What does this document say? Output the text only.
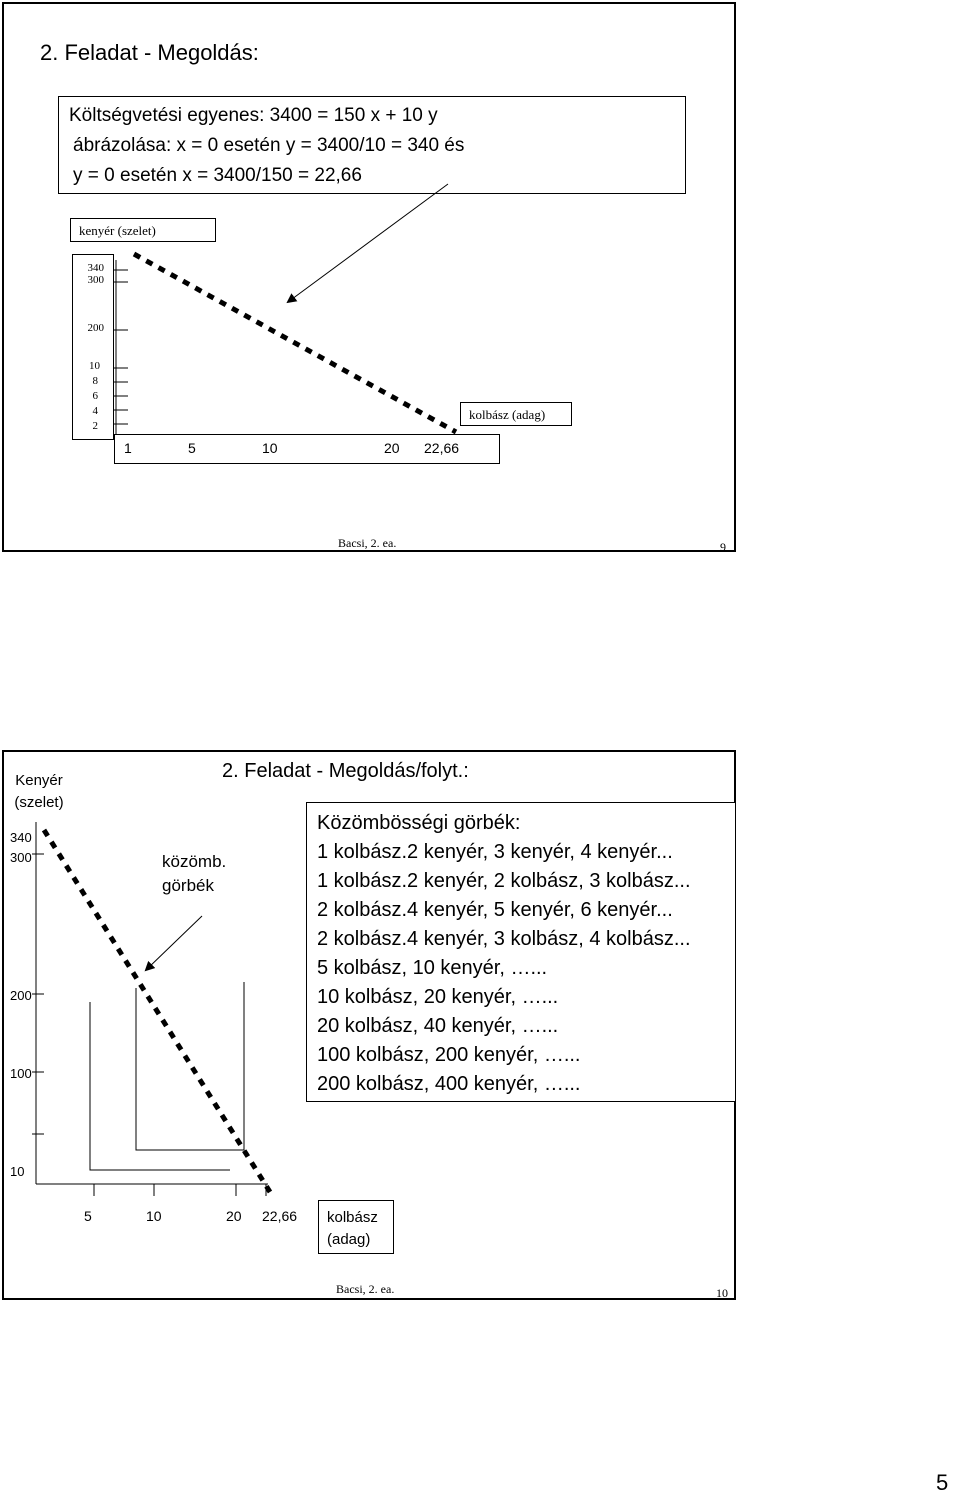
2. Feladat - Megoldás:
Költségvetési egyenes: 3400 = 150 x + 10 y
ábrázolása: x = 0 esetén y = 3400/10 = 340 és
y = 0 esetén x = 3400/150 = 22,66
kenyér (szelet)
340
300
200
10
8
6
4
2
1	5	10	20 22,66
kolbász (adag)
Bacsi, 2. ea.	9
Kenyér
(szelet)
2. Feladat - Megoldás/folyt.:
közömb.
görbék
Közömbösségi görbék:
1 kolbász.2 kenyér, 3 kenyér, 4 kenyér...
1 kolbász.2 kenyér, 2 kolbász, 3 kolbász...
2 kolbász.4 kenyér, 5 kenyér, 6 kenyér...
2 kolbász.4 kenyér, 3 kolbász, 4 kolbász...
5 kolbász, 10 kenyér, …...
10 kolbász, 20 kenyér, …...
20 kolbász, 40 kenyér, …...
100 kolbász, 200 kenyér, …...
200 kolbász, 400 kenyér, …...
340
300
200
100
10
5	10	20 22,66 kolbász
(adag)
Bacsi, 2. ea.	10
5
